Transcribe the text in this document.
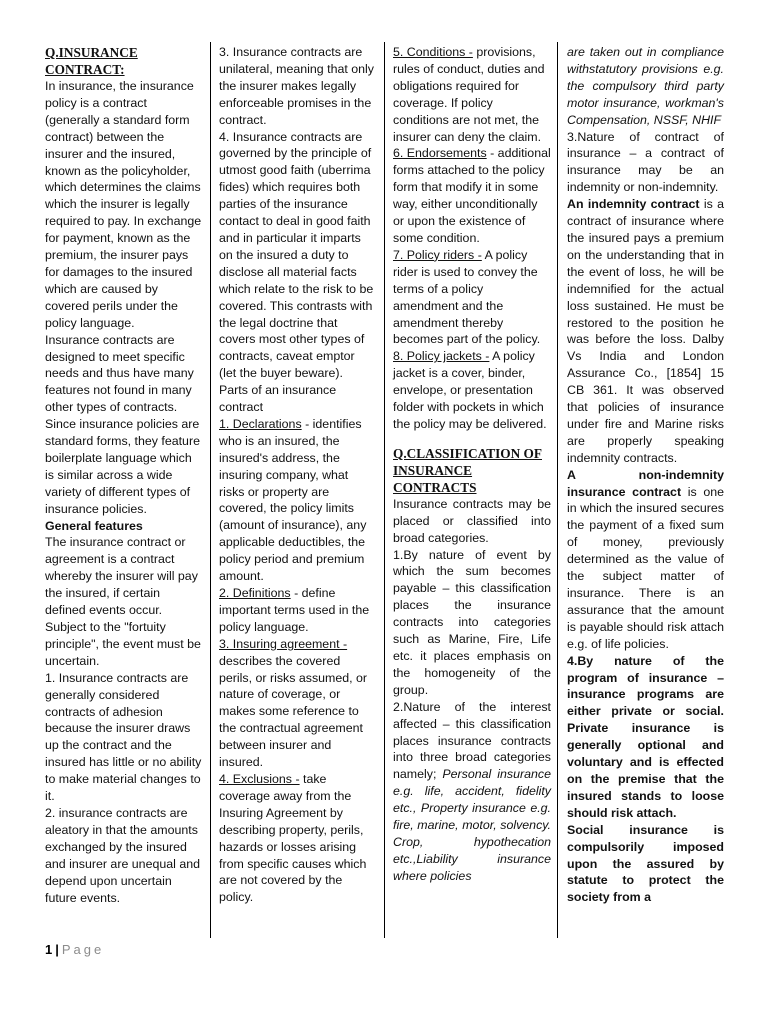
Q.INSURANCE CONTRACT:

In insurance, the insurance policy is a contract (generally a standard form contract) between the insurer and the insured, known as the policyholder, which determines the claims which the insurer is legally required to pay. In exchange for payment, known as the premium, the insurer pays for damages to the insured which are caused by covered perils under the policy language.

Insurance contracts are designed to meet specific needs and thus have many features not found in many other types of contracts.

Since insurance policies are standard forms, they feature boilerplate language which is similar across a wide variety of different types of insurance policies.

General features

The insurance contract or agreement is a contract whereby the insurer will pay the insured, if certain defined events occur. Subject to the "fortuity principle", the event must be uncertain.

1. Insurance contracts are generally considered contracts of adhesion because the insurer draws up the contract and the insured has little or no ability to make material changes to it.

2. insurance contracts are aleatory in that the amounts exchanged by the insured and insurer are unequal and depend upon uncertain future events.

3. Insurance contracts are unilateral, meaning that only the insurer makes legally enforceable promises in the contract.

4. Insurance contracts are governed by the principle of utmost good faith (uberrima fides) which requires both parties of the insurance contact to deal in good faith and in particular it imparts on the insured a duty to disclose all material facts which relate to the risk to be covered. This contrasts with the legal doctrine that covers most other types of contracts, caveat emptor (let the buyer beware).

Parts of an insurance contract

1. Declarations - identifies who is an insured, the insured's address, the insuring company, what risks or property are covered, the policy limits (amount of insurance), any applicable deductibles, the policy period and premium amount.

2. Definitions - define important terms used in the policy language.

3. Insuring agreement - describes the covered perils, or risks assumed, or nature of coverage, or makes some reference to the contractual agreement between insurer and insured.

4. Exclusions - take coverage away from the Insuring Agreement by describing property, perils, hazards or losses arising from specific causes which are not covered by the policy.

5. Conditions - provisions, rules of conduct, duties and obligations required for coverage. If policy conditions are not met, the insurer can deny the claim.

6. Endorsements - additional forms attached to the policy form that modify it in some way, either unconditionally or upon the existence of some condition.

7. Policy riders - A policy rider is used to convey the terms of a policy amendment and the amendment thereby becomes part of the policy.

8. Policy jackets - A policy jacket is a cover, binder, envelope, or presentation folder with pockets in which the policy may be delivered.

Q.CLASSIFICATION OF INSURANCE CONTRACTS

Insurance contracts may be placed or classified into broad categories.

1.By nature of event by which the sum becomes payable – this classification places the insurance contracts into categories such as Marine, Fire, Life etc. it places emphasis on the homogeneity of the group.

2.Nature of the interest affected – this classification places insurance contracts into three broad categories namely; Personal insurance e.g. life, accident, fidelity etc., Property insurance e.g. fire, marine, motor, solvency. Crop, hypothecation etc.,Liability insurance where policies

are taken out in compliance withstatutory provisions e.g. the compulsory third party motor insurance, workman's Compensation, NSSF, NHIF

3.Nature of contract of insurance – a contract of insurance may be an indemnity or non-indemnity.

An indemnity contract is a contract of insurance where the insured pays a premium on the understanding that in the event of loss, he will be indemnified for the actual loss sustained. He must be restored to the position he was before the loss. Dalby Vs India and London Assurance Co., [1854] 15 CB 361. It was observed that policies of insurance under fire and Marine risks are properly speaking indemnity contracts.

A non-indemnity insurance contract is one in which the insured secures the payment of a fixed sum of money, previously determined as the value of the subject matter of insurance. There is an assurance that the amount is payable should risk attach e.g. of life policies.

4.By nature of the program of insurance – insurance programs are either private or social. Private insurance is generally optional and voluntary and is effected on the premise that the insured stands to loose should risk attach.

Social insurance is compulsorily imposed upon the assured by statute to protect the society from a

1 | Page
